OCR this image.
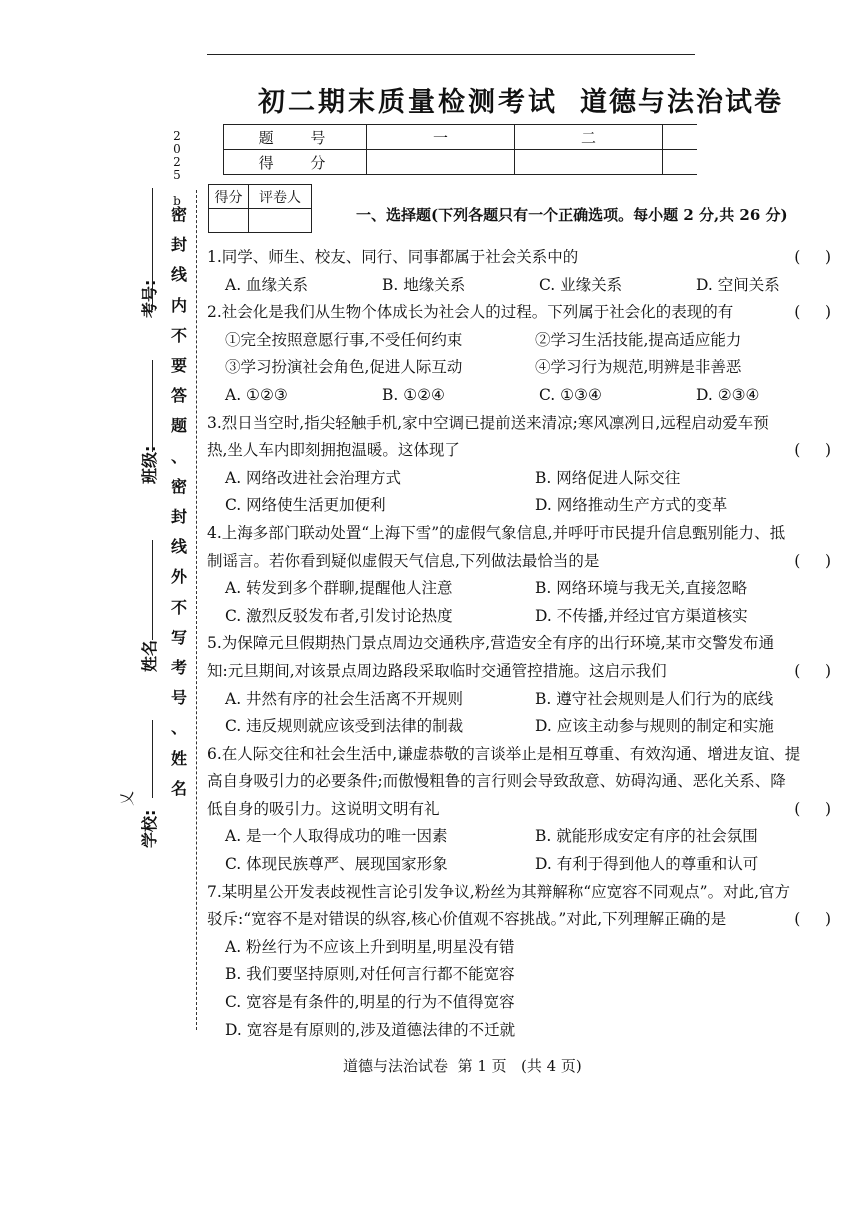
初二期末质量检测考试 道德与法治试卷
题 号	一	二	
得 分			
得分	评卷人

一、选择题(下列各题只有一个正确选项。每小题 2 分,共 26 分)
1.同学、师生、校友、同行、同事都属于社会关系中的	(     )
A. 血缘关系	B. 地缘关系	C. 业缘关系	D. 空间关系
2.社会化是我们从生物个体成长为社会人的过程。下列属于社会化的表现的有	(     )
①完全按照意愿行事,不受任何约束	②学习生活技能,提高适应能力
③学习扮演社会角色,促进人际互动	④学习行为规范,明辨是非善恶
A. ①②③	B. ①②④	C. ①③④	D. ②③④
3.烈日当空时,指尖轻触手机,家中空调已提前送来清凉;寒风凛冽日,远程启动爱车预
热,坐人车内即刻拥抱温暖。这体现了	(     )
A. 网络改进社会治理方式	B. 网络促进人际交往
C. 网络使生活更加便利	D. 网络推动生产方式的变革
4.上海多部门联动处置“上海下雪”的虚假气象信息,并呼吁市民提升信息甄别能力、抵
制谣言。若你看到疑似虚假天气信息,下列做法最恰当的是	(     )
A. 转发到多个群聊,提醒他人注意	B. 网络环境与我无关,直接忽略
C. 激烈反驳发布者,引发讨论热度	D. 不传播,并经过官方渠道核实
5.为保障元旦假期热门景点周边交通秩序,营造安全有序的出行环境,某市交警发布通
知:元旦期间,对该景点周边路段采取临时交通管控措施。这启示我们	(     )
A. 井然有序的社会生活离不开规则	B. 遵守社会规则是人们行为的底线
C. 违反规则就应该受到法律的制裁	D. 应该主动参与规则的制定和实施
6.在人际交往和社会生活中,谦虚恭敬的言谈举止是相互尊重、有效沟通、增进友谊、提
高自身吸引力的必要条件;而傲慢粗鲁的言行则会导致敌意、妨碍沟通、恶化关系、降
低自身的吸引力。这说明文明有礼	(     )
A. 是一个人取得成功的唯一因素	B. 就能形成安定有序的社会氛围
C. 体现民族尊严、展现国家形象	D. 有利于得到他人的尊重和认可
7.某明星公开发表歧视性言论引发争议,粉丝为其辩解称“应宽容不同观点”。对此,官方
驳斥:“宽容不是对错误的纵容,核心价值观不容挑战。”对此,下列理解正确的是	(     )
A. 粉丝行为不应该上升到明星,明星没有错
B. 我们要坚持原则,对任何言行都不能宽容
C. 宽容是有条件的,明星的行为不值得宽容
D. 宽容是有原则的,涉及道德法律的不迁就
道德与法治试卷 第 1 页 (共 4 页)
2
0
2
5
b
密
封
线
内
不
要
答
题
、
密
封
线
外
不
写
考
号
、
姓
名
考号:
班级:
姓名
学校:
乂
